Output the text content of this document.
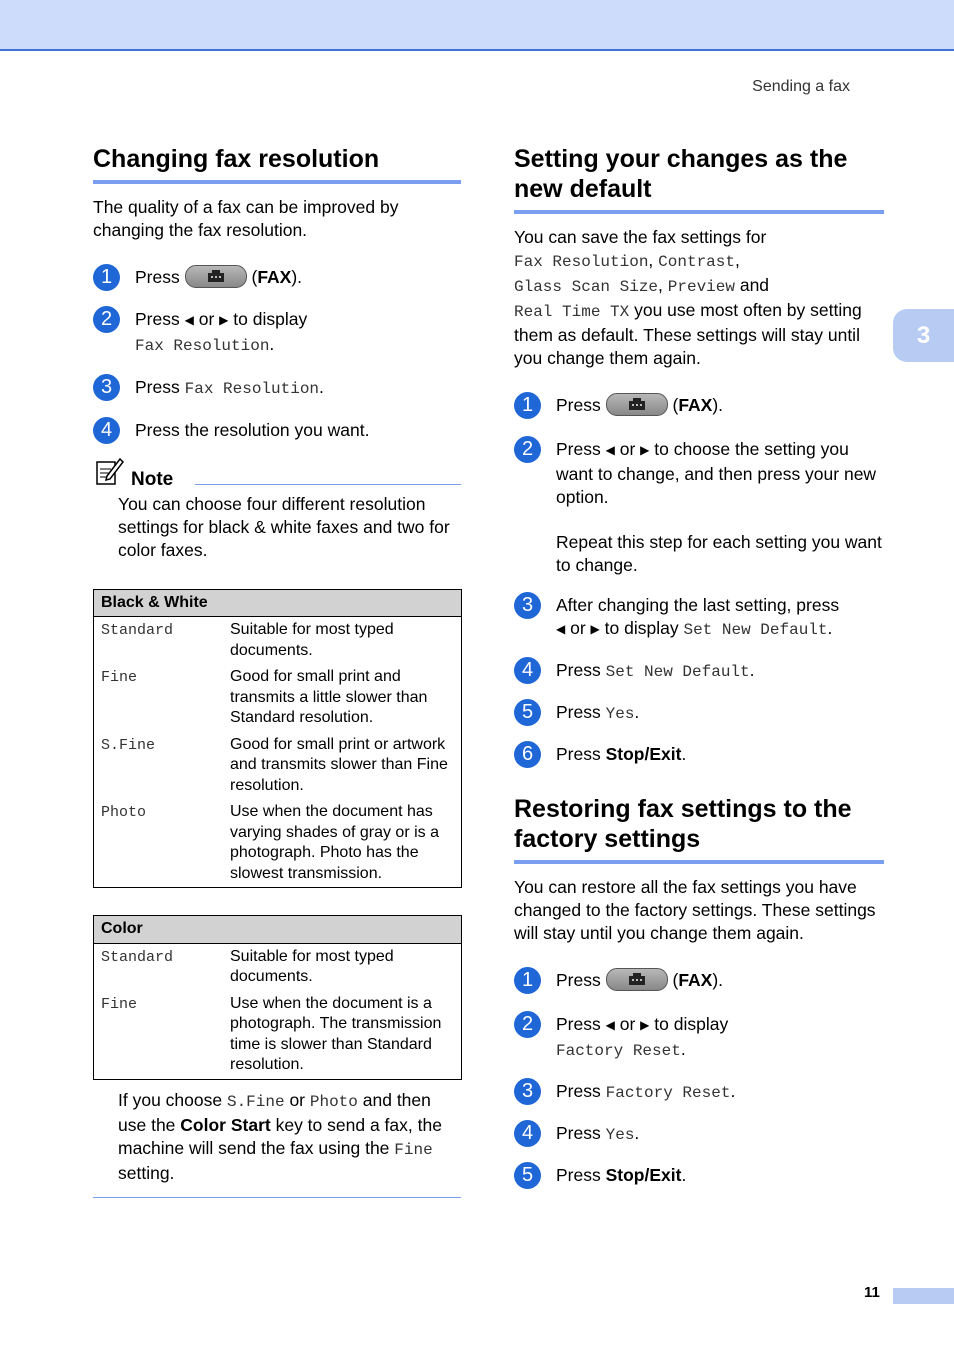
Sending a fax
3
Changing fax resolution

The quality of a fax can be improved by changing the fax resolution.

1	Press	(FAX).
2	Press ◀ or ▶ to display
Fax Resolution.
3	Press Fax Resolution.
4	Press the resolution you want.
Note

You can choose four different resolution settings for black & white faxes and two for color faxes.

Black & White	
Standard	Suitable for most typed documents.
Fine	Good for small print and transmits a little slower than Standard resolution.
S.Fine	Good for small print or artwork and transmits slower than Fine resolution.
Photo	Use when the document has varying shades of gray or is a photograph. Photo has the slowest transmission.
Color	
Standard	Suitable for most typed documents.
Fine	Use when the document is a photograph. The transmission time is slower than Standard resolution.

If you choose S.Fine or Photo and then use the Color Start key to send a fax, the machine will send the fax using the Fine setting.

Setting your changes as the new default

You can save the fax settings for
Fax Resolution, Contrast,
Glass Scan Size, Preview and
Real Time TX you use most often by setting them as default. These settings will stay until you change them again.

1	Press	(FAX).
2	Press ◀ or ▶ to choose the setting you want to change, and then press your new option.
Repeat this step for each setting you want to change.
3	After changing the last setting, press
◀ or ▶ to display Set New Default.
4	Press Set New Default.
5	Press Yes.
6	Press Stop/Exit.
Restoring fax settings to the factory settings

You can restore all the fax settings you have changed to the factory settings. These settings will stay until you change them again.

1	Press	(FAX).
2	Press ◀ or ▶ to display
Factory Reset.
3	Press Factory Reset.
4	Press Yes.
5	Press Stop/Exit.
11
